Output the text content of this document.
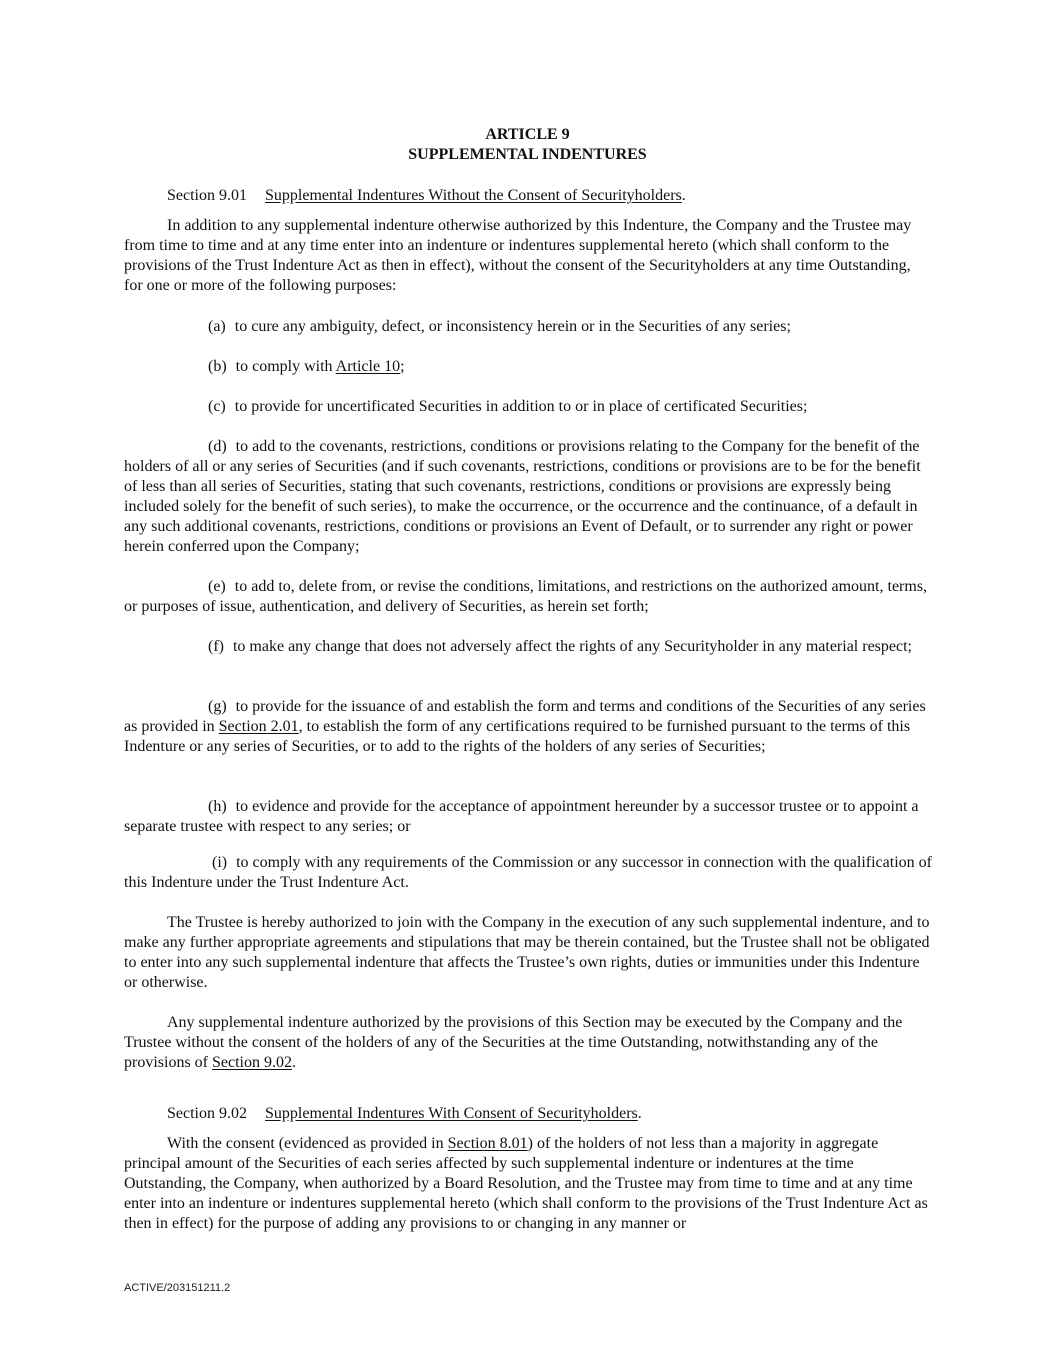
ARTICLE 9
SUPPLEMENTAL INDENTURES
Section 9.01 Supplemental Indentures Without the Consent of Securityholders.

In addition to any supplemental indenture otherwise authorized by this Indenture, the Company and the Trustee may from time to time and at any time enter into an indenture or indentures supplemental hereto (which shall conform to the provisions of the Trust Indenture Act as then in effect), without the consent of the Securityholders at any time Outstanding, for one or more of the following purposes:

(a) to cure any ambiguity, defect, or inconsistency herein or in the Securities of any series;
(b) to comply with Article 10;
(c) to provide for uncertificated Securities in addition to or in place of certificated Securities;

(d) to add to the covenants, restrictions, conditions or provisions relating to the Company for the benefit of the holders of all or any series of Securities (and if such covenants, restrictions, conditions or provisions are to be for the benefit of less than all series of Securities, stating that such covenants, restrictions, conditions or provisions are expressly being included solely for the benefit of such series), to make the occurrence, or the occurrence and the continuance, of a default in any such additional covenants, restrictions, conditions or provisions an Event of Default, or to surrender any right or power herein conferred upon the Company;

(e) to add to, delete from, or revise the conditions, limitations, and restrictions on the authorized amount, terms, or purposes of issue, authentication, and delivery of Securities, as herein set forth;

(f) to make any change that does not adversely affect the rights of any Securityholder in any material respect;

(g) to provide for the issuance of and establish the form and terms and conditions of the Securities of any series as provided in Section 2.01, to establish the form of any certifications required to be furnished pursuant to the terms of this Indenture or any series of Securities, or to add to the rights of the holders of any series of Securities;

(h) to evidence and provide for the acceptance of appointment hereunder by a successor trustee or to appoint a separate trustee with respect to any series; or

(i) to comply with any requirements of the Commission or any successor in connection with the qualification of this Indenture under the Trust Indenture Act.

The Trustee is hereby authorized to join with the Company in the execution of any such supplemental indenture, and to make any further appropriate agreements and stipulations that may be therein contained, but the Trustee shall not be obligated to enter into any such supplemental indenture that affects the Trustee’s own rights, duties or immunities under this Indenture or otherwise.

Any supplemental indenture authorized by the provisions of this Section may be executed by the Company and the Trustee without the consent of the holders of any of the Securities at the time Outstanding, notwithstanding any of the provisions of Section 9.02.

Section 9.02 Supplemental Indentures With Consent of Securityholders.

With the consent (evidenced as provided in Section 8.01) of the holders of not less than a majority in aggregate principal amount of the Securities of each series affected by such supplemental indenture or indentures at the time Outstanding, the Company, when authorized by a Board Resolution, and the Trustee may from time to time and at any time enter into an indenture or indentures supplemental hereto (which shall conform to the provisions of the Trust Indenture Act as then in effect) for the purpose of adding any provisions to or changing in any manner or

ACTIVE/203151211.2
